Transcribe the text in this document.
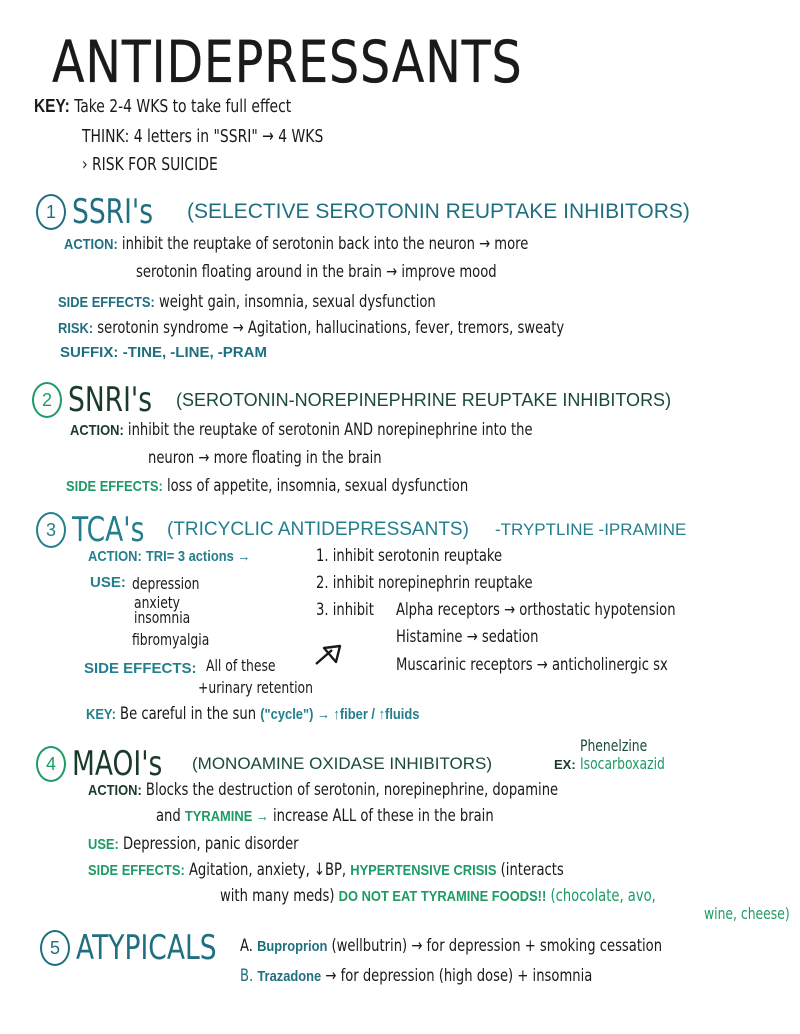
ANTIDEPRESSANTS
KEY: Take 2-4 WKS to take full effect
THINK: 4 letters in "SSRI" → 4 WKS
› RISK FOR SUICIDE
1 SSRI's	(SELECTIVE SEROTONIN REUPTAKE INHIBITORS)
ACTION: inhibit the reuptake of serotonin back into the neuron → more
serotonin floating around in the brain → improve mood
SIDE EFFECTS: weight gain, insomnia, sexual dysfunction
RISK: serotonin syndrome → Agitation, hallucinations, fever, tremors, sweaty
SUFFIX: -TINE, -LINE, -PRAM
2 SNRI's (SEROTONIN-NOREPINEPHRINE REUPTAKE INHIBITORS)
ACTION: inhibit the reuptake of serotonin AND norepinephrine into the
neuron → more floating in the brain
SIDE EFFECTS: loss of appetite, insomnia, sexual dysfunction
3 TCA's (TRICYCLIC ANTIDEPRESSANTS) -TRYPTLINE -IPRAMINE
ACTION: TRI= 3 actions →	1. inhibit serotonin reuptake
2. inhibit norepinephrin reuptake
3. inhibit Alpha receptors → orthostatic hypotension
Histamine → sedation
Muscarinic receptors → anticholinergic sx
USE: depression
anxiety
insomnia
fibromyalgia
SIDE EFFECTS: All of these
+urinary retention
KEY: Be careful in the sun ("cycle") → ↑fiber / ↑fluids
4 MAOI's (MONOAMINE OXIDASE INHIBITORS)
Phenelzine
EX: Isocarboxazid
ACTION: Blocks the destruction of serotonin, norepinephrine, dopamine
and TYRAMINE → increase ALL of these in the brain
USE: Depression, panic disorder
SIDE EFFECTS: Agitation, anxiety, ↓BP, HYPERTENSIVE CRISIS (interacts
with many meds) DO NOT EAT TYRAMINE FOODS!! (chocolate, avo,
wine, cheese)
5 ATYPICALS A. Buproprion (wellbutrin) → for depression + smoking cessation
B. Trazadone → for depression (high dose) + insomnia
